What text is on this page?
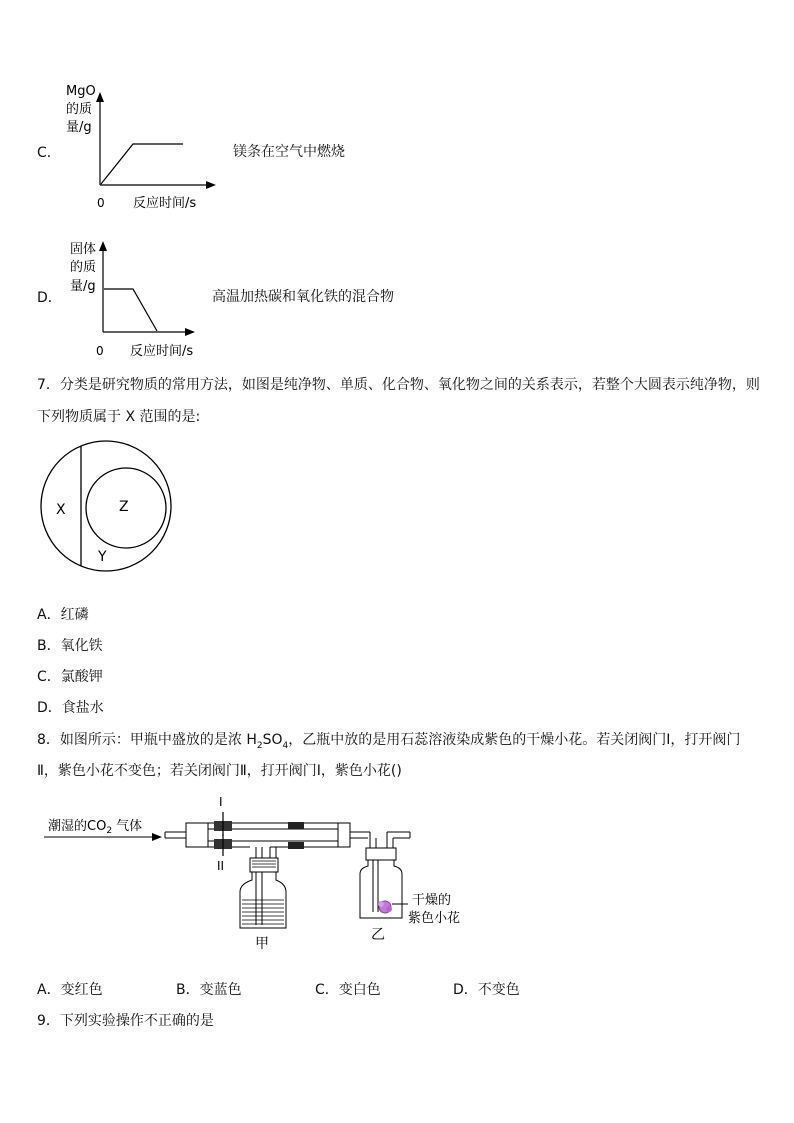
C．
MgO
的质
量/g
0 反应时间/s
镁条在空气中燃烧
D．
固体
的质
量/g
0 反应时间/s
高温加热碳和氧化铁的混合物
7．分类是研究物质的常用方法，如图是纯净物、单质、化合物、氧化物之间的关系表示，若整个大圆表示纯净物，则
下列物质属于 X 范围的是:
X	Z
Y
A．红磷
B．氧化铁
C．氯酸钾
D．食盐水
8．如图所示：甲瓶中盛放的是浓 $H_2SO_4$，乙瓶中放的是用石蕊溶液染成紫色的干燥小花。若关闭阀门Ⅰ，打开阀门
Ⅱ，紫色小花不变色；若关闭阀门Ⅱ，打开阀门Ⅰ，紫色小花()
潮湿的$CO_2$ 气体
I
II
甲
乙
干燥的
紫色小花
A．变红色	B．变蓝色	C．变白色	D．不变色
9．下列实验操作不正确的是
